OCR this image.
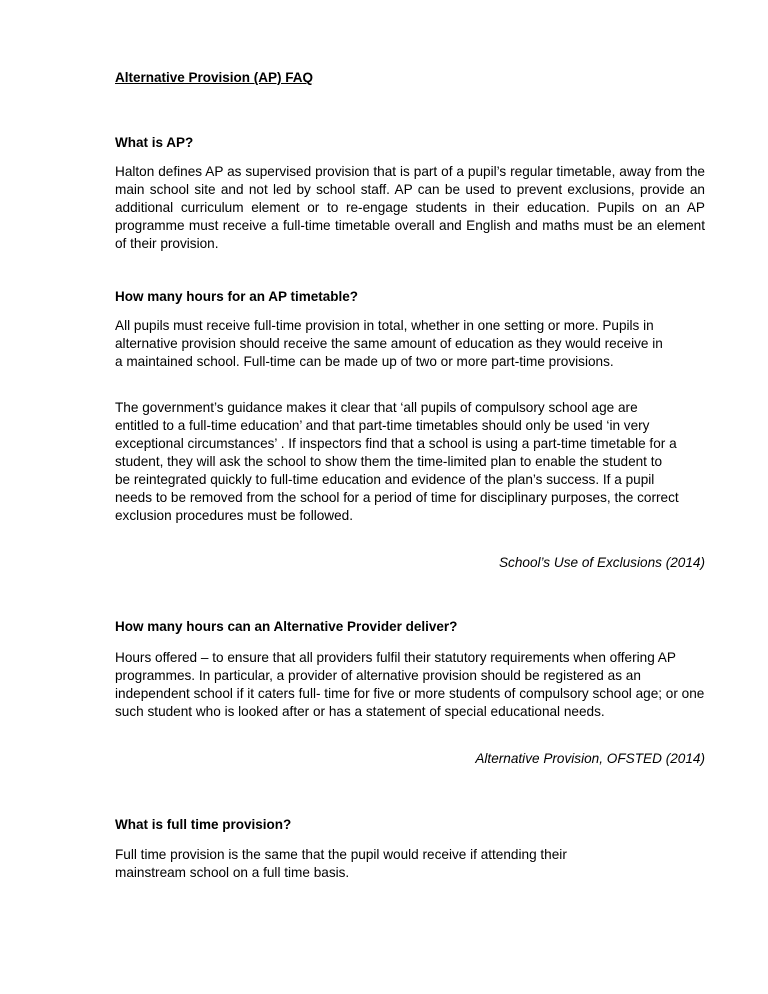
Alternative Provision (AP) FAQ
What is AP?
Halton defines AP as supervised provision that is part of a pupil’s regular timetable, away from the main school site and not led by school staff. AP can be used to prevent exclusions, provide an additional curriculum element or to re-engage students in their education. Pupils on an AP programme must receive a full-time timetable overall and English and maths must be an element of their provision.
How many hours for an AP timetable?
All pupils must receive full-time provision in total, whether in one setting or more. Pupils in alternative provision should receive the same amount of education as they would receive in a maintained school. Full-time can be made up of two or more part-time provisions.
The government’s guidance makes it clear that ‘all pupils of compulsory school age are entitled to a full-time education’ and that part-time timetables should only be used ‘in very exceptional circumstances’ . If inspectors find that a school is using a part-time timetable for a student, they will ask the school to show them the time-limited plan to enable the student to be reintegrated quickly to full-time education and evidence of the plan’s success. If a pupil needs to be removed from the school for a period of time for disciplinary purposes, the correct exclusion procedures must be followed.
School’s Use of Exclusions (2014)
How many hours can an Alternative Provider deliver?
Hours offered – to ensure that all providers fulfil their statutory requirements when offering AP programmes. In particular, a provider of alternative provision should be registered as an independent school if it caters full- time for five or more students of compulsory school age; or one such student who is looked after or has a statement of special educational needs.
Alternative Provision, OFSTED (2014)
What is full time provision?
Full time provision is the same that the pupil would receive if attending their mainstream school on a full time basis.
